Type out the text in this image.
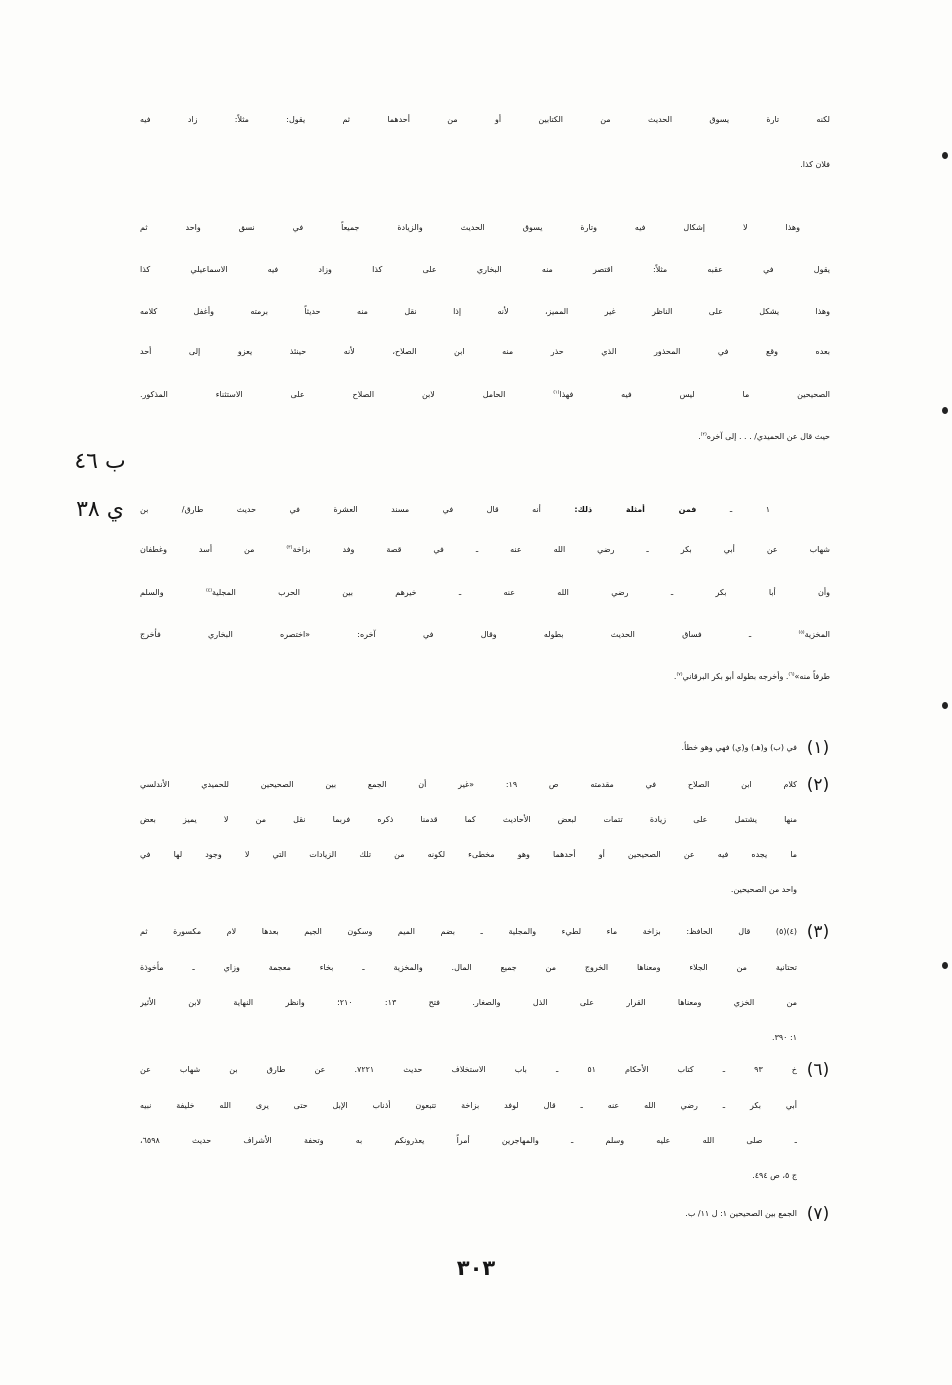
لكنه تارة يسوق الحديث من الكتابين أو من أحدهما ثم يقول: مثلاً: زاد فيه
فلان كذا.
وهذا لا إشكال فيه وتارة يسوق الحديث والزيادة جميعاً في نسق واحد ثم
يقول في عقبه مثلاً: اقتصر منه البخاري على كذا وزاد فيه الاسماعيلي كذا
وهذا يشكل على الناظر غير المميز، لأنه إذا نقل منه حديثاً برمته وأغفل كلامه
بعده وقع في المحذور الذي حذر منه ابن الصلاح، لأنه حينئذ يعزو إلى أحد
الصحيحين ما ليس فيه فهذا$^{(١)}$ الحامل لابن الصلاح على الاستثناء المذكور.
حيث قال عن الحميدي/ . . . إلى آخره$^{(٢)}$.
ب ٤٦
١ ـ فمن أمثلة ذلك: أنه قال في مسند العشرة في حديث طارق/ بن
ي ٣٨
شهاب عن أبي بكر ـ رضي الله عنه ـ في قصة وفد بزاخة$^{(٣)}$ من أسد وغطفان
وأن أبا بكر ـ رضي الله عنه ـ خيرهم بين الحرب المجلية$^{(٤)}$ والسلم
المخزية$^{(٥)}$ ـ فساق الحديث بطوله وقال في آخره: «اختصره البخاري فأخرج
طرفاً منه»$^{(٦)}$. وأخرجه بطوله أبو بكر البرقاني$^{(٧)}$.
(١)
في (ب) و(هـ) و(ي) فهي وهو خطأ.
(٢)
كلام ابن الصلاح في مقدمته ص ١٩: «غير أن الجمع بين الصحيحين للحميدي الأندلسي
منها يشتمل على زيادة تتمات لبعض الأحاديث كما قدمنا ذكره فربما نقل من لا يميز بعض
ما يجده فيه عن الصحيحين أو أحدهما وهو مخطىء لكونه من تلك الزيادات التي لا وجود لها في
واحد من الصحيحين.
(٣)
(٤)(٥) قال الحافظ: بزاخة ماء لطيء والمجلية ـ بضم الميم وسكون الجيم بعدها لام مكسورة ثم
تحتانية من الجلاء ومعناها الخروج من جميع المال. والمخزية ـ بخاء معجمة وزاي ـ مأخوذة
من الخزي ومعناها القرار على الذل والصغار. فتح ١٣: ٢١٠؛ وانظر النهاية لابن الأثير
١: ٣٩٠.
(٦)
خ ٩٣ ـ كتاب الأحكام ٥١ ـ باب الاستخلاف حديث ٧٢٢١. عن طارق بن شهاب عن
أبي بكر ـ رضي الله عنه ـ قال لوفد بزاخة تتبعون أذناب الإبل حتى يرى الله خليفة نبيه
ـ صلى الله عليه وسلم ـ والمهاجرين أمراً يعذرونكم به وتحفة الأشراف حديث ٦٥٩٨،
ج ٥، ص ٤٩٤.
(٧)
الجمع بين الصحيحين ١: ل ١١/ ب.
٣٠٣
